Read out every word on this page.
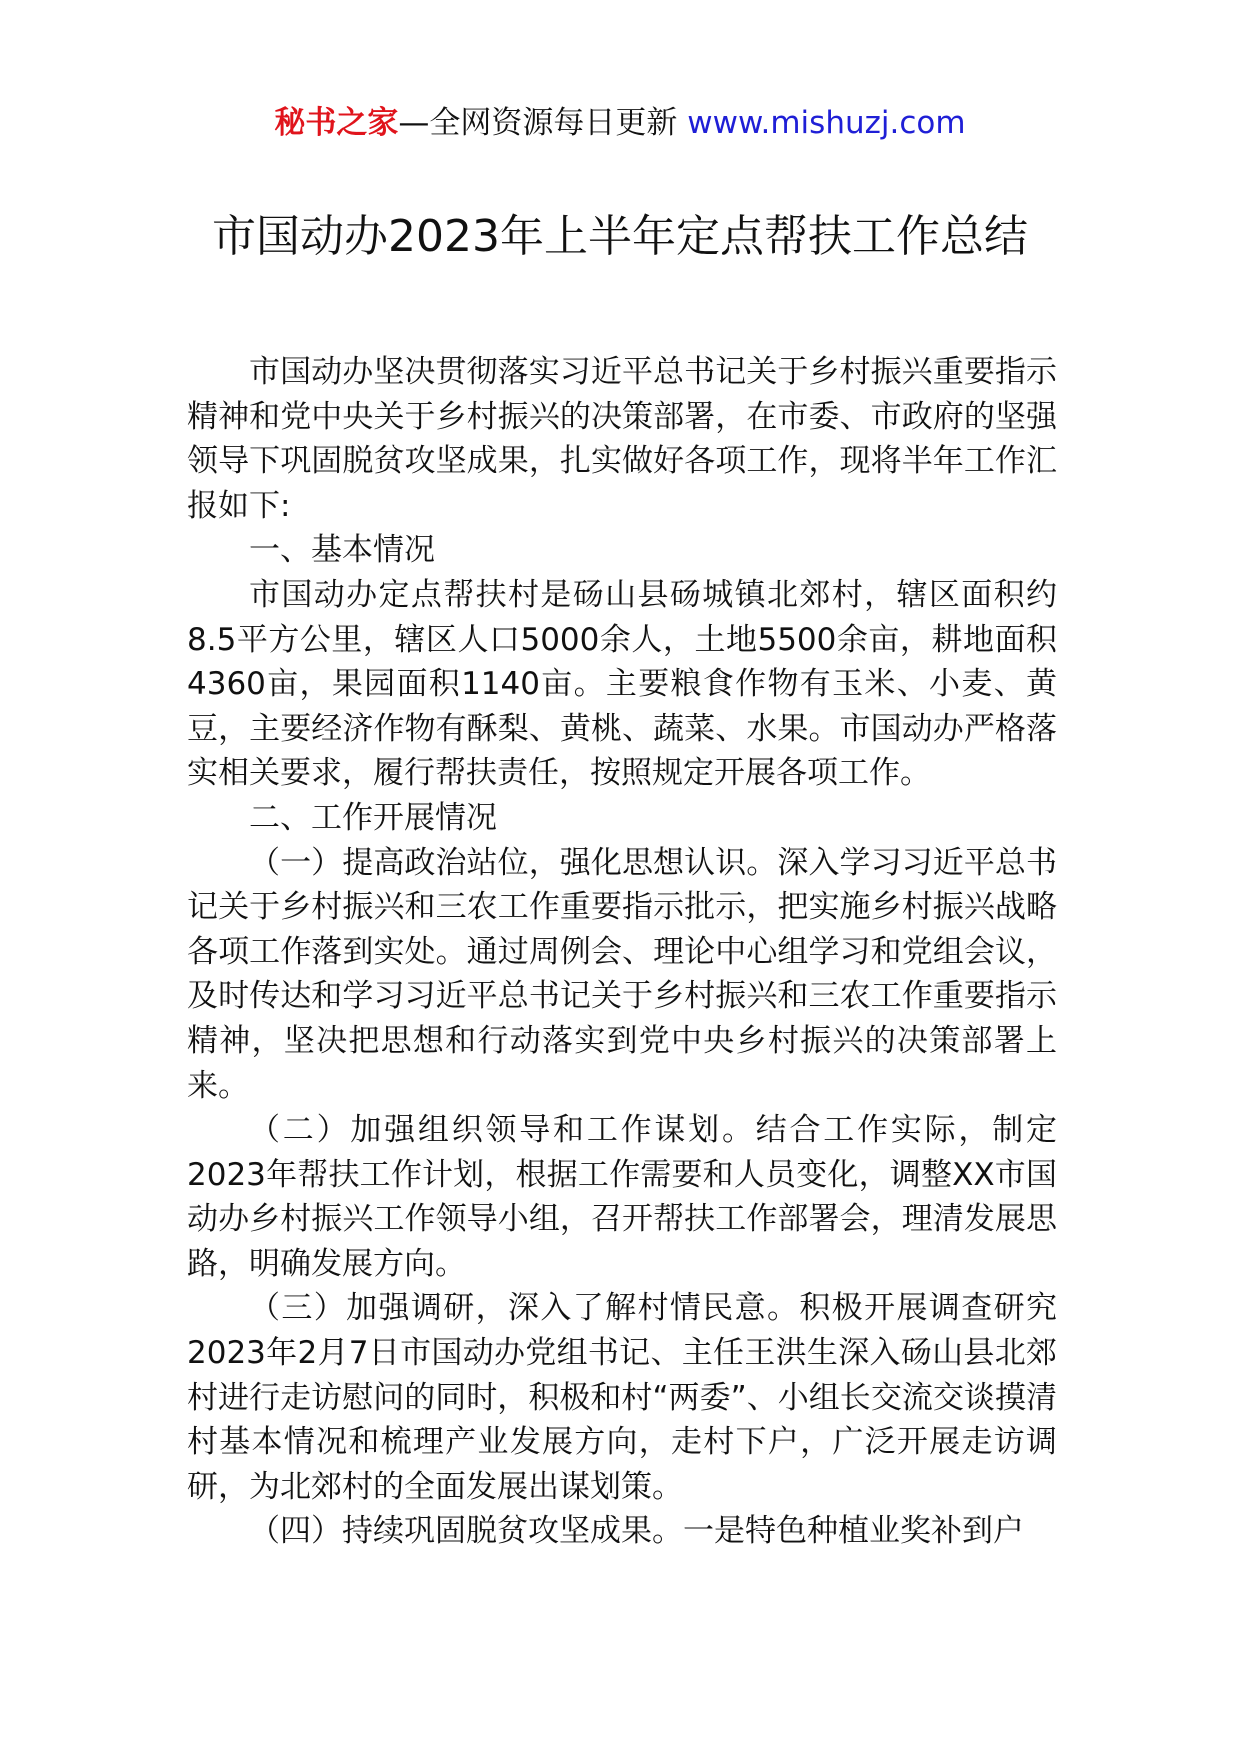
秘书之家—全网资源每日更新 www.mishuzj.com
市国动办2023年上半年定点帮扶工作总结

市国动办坚决贯彻落实习近平总书记关于乡村振兴重要指示精神和党中央关于乡村振兴的决策部署，在市委、市政府的坚强领导下巩固脱贫攻坚成果，扎实做好各项工作，现将半年工作汇报如下:

一、基本情况

市国动办定点帮扶村是砀山县砀城镇北郊村，辖区面积约8.5平方公里，辖区人口5000余人，土地5500余亩，耕地面积4360亩，果园面积1140亩。主要粮食作物有玉米、小麦、黄豆，主要经济作物有酥梨、黄桃、蔬菜、水果。市国动办严格落实相关要求，履行帮扶责任，按照规定开展各项工作。

二、工作开展情况

（一）提高政治站位，强化思想认识。深入学习习近平总书记关于乡村振兴和三农工作重要指示批示，把实施乡村振兴战略各项工作落到实处。通过周例会、理论中心组学习和党组会议，及时传达和学习习近平总书记关于乡村振兴和三农工作重要指示精神，坚决把思想和行动落实到党中央乡村振兴的决策部署上来。

（二）加强组织领导和工作谋划。结合工作实际，制定2023年帮扶工作计划，根据工作需要和人员变化，调整XX市国动办乡村振兴工作领导小组，召开帮扶工作部署会，理清发展思路，明确发展方向。

（三）加强调研，深入了解村情民意。积极开展调查研究2023年2月7日市国动办党组书记、主任王洪生深入砀山县北郊村进行走访慰问的同时，积极和村“两委”、小组长交流交谈摸清村基本情况和梳理产业发展方向，走村下户，广泛开展走访调研，为北郊村的全面发展出谋划策。

（四）持续巩固脱贫攻坚成果。一是特色种植业奖补到户
